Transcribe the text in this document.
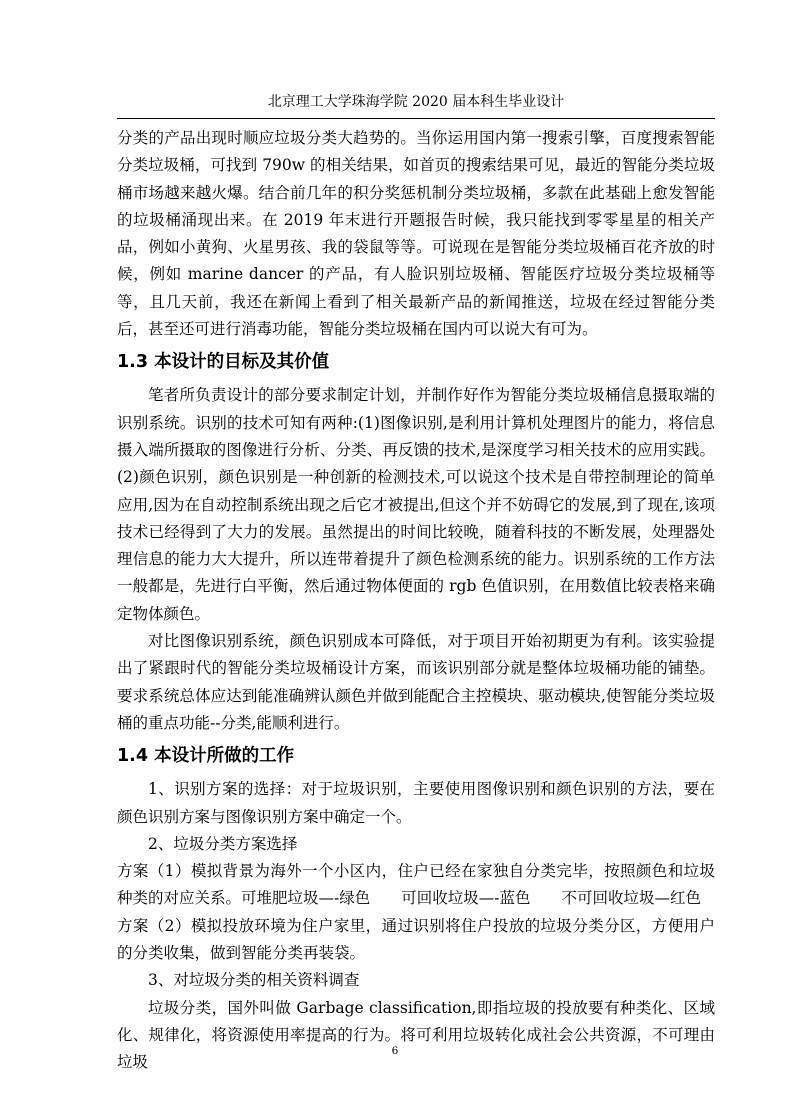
北京理工大学珠海学院 2020 届本科生毕业设计

分类的产品出现时顺应垃圾分类大趋势的。当你运用国内第一搜索引擎，百度搜索智能分类垃圾桶，可找到 790w 的相关结果，如首页的搜索结果可见，最近的智能分类垃圾桶市场越来越火爆。结合前几年的积分奖惩机制分类垃圾桶，多款在此基础上愈发智能的垃圾桶涌现出来。在 2019 年末进行开题报告时候，我只能找到零零星星的相关产品，例如小黄狗、火星男孩、我的袋鼠等等。可说现在是智能分类垃圾桶百花齐放的时候，例如 marine dancer 的产品，有人脸识别垃圾桶、智能医疗垃圾分类垃圾桶等等，且几天前，我还在新闻上看到了相关最新产品的新闻推送，垃圾在经过智能分类后，甚至还可进行消毒功能，智能分类垃圾桶在国内可以说大有可为。

1.3 本设计的目标及其价值

笔者所负责设计的部分要求制定计划，并制作好作为智能分类垃圾桶信息摄取端的识别系统。识别的技术可知有两种:(1)图像识别,是利用计算机处理图片的能力，将信息摄入端所摄取的图像进行分析、分类、再反馈的技术,是深度学习相关技术的应用实践。(2)颜色识别，颜色识别是一种创新的检测技术,可以说这个技术是自带控制理论的简单应用,因为在自动控制系统出现之后它才被提出,但这个并不妨碍它的发展,到了现在,该项技术已经得到了大力的发展。虽然提出的时间比较晚，随着科技的不断发展，处理器处理信息的能力大大提升，所以连带着提升了颜色检测系统的能力。识别系统的工作方法一般都是，先进行白平衡，然后通过物体便面的 rgb 色值识别，在用数值比较表格来确定物体颜色。

对比图像识别系统，颜色识别成本可降低，对于项目开始初期更为有利。该实验提出了紧跟时代的智能分类垃圾桶设计方案，而该识别部分就是整体垃圾桶功能的铺垫。要求系统总体应达到能准确辨认颜色并做到能配合主控模块、驱动模块,使智能分类垃圾桶的重点功能--分类,能顺利进行。

1.4 本设计所做的工作

1、识别方案的选择：对于垃圾识别，主要使用图像识别和颜色识别的方法，要在颜色识别方案与图像识别方案中确定一个。

2、垃圾分类方案选择

方案（1）模拟背景为海外一个小区内，住户已经在家独自分类完毕，按照颜色和垃圾种类的对应关系。可堆肥垃圾—-绿色　　可回收垃圾—-蓝色　　不可回收垃圾—红色

方案（2）模拟投放环境为住户家里，通过识别将住户投放的垃圾分类分区，方便用户的分类收集，做到智能分类再装袋。

3、对垃圾分类的相关资料调查

垃圾分类，国外叫做 Garbage classification,即指垃圾的投放要有种类化、区域化、规律化，将资源使用率提高的行为。将可利用垃圾转化成社会公共资源，不可理由垃圾

6
